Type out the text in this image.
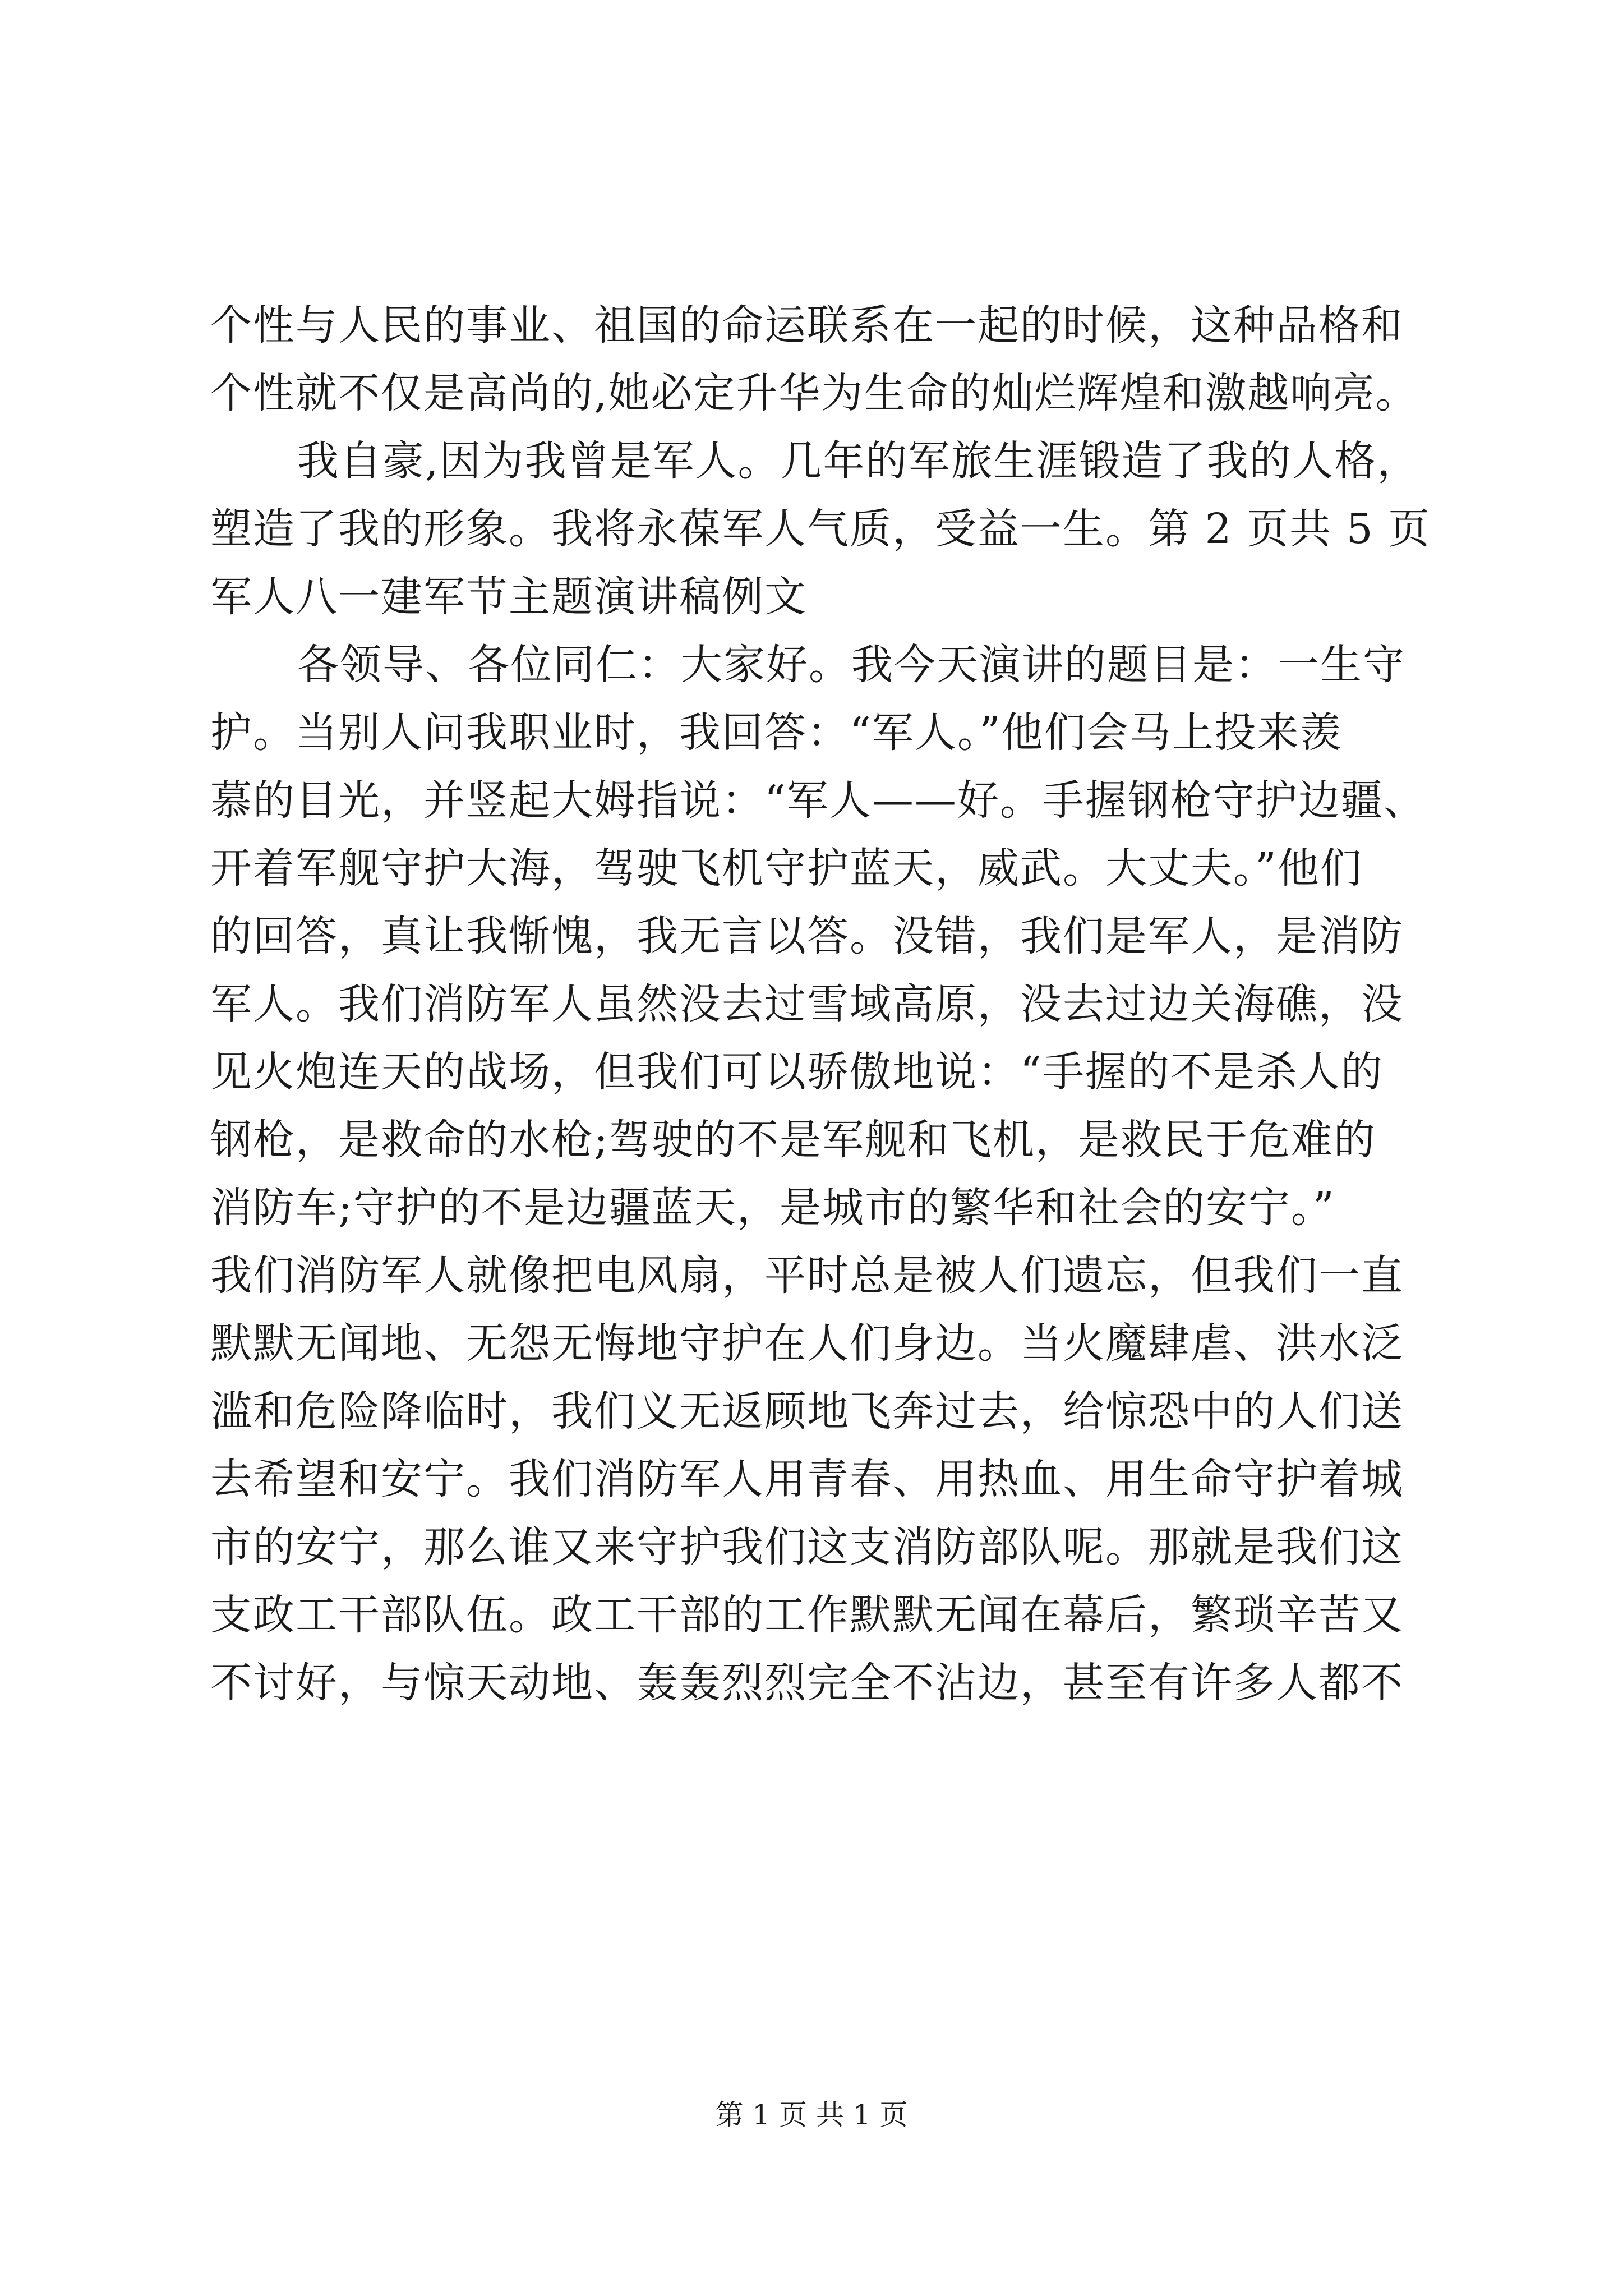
个性与人民的事业、祖国的命运联系在一起的时候，这种品格和
个性就不仅是高尚的,她必定升华为生命的灿烂辉煌和激越响亮。
我自豪,因为我曾是军人。几年的军旅生涯锻造了我的人格，
塑造了我的形象。我将永葆军人气质，受益一生。第 2 页共 5 页
军人八一建军节主题演讲稿例文
各领导、各位同仁：大家好。我今天演讲的题目是：一生守
护。当别人问我职业时，我回答：“军人。”他们会马上投来羡
慕的目光，并竖起大姆指说：“军人——好。手握钢枪守护边疆、
开着军舰守护大海，驾驶飞机守护蓝天，威武。大丈夫。”他们
的回答，真让我惭愧，我无言以答。没错，我们是军人，是消防
军人。我们消防军人虽然没去过雪域高原，没去过边关海礁，没
见火炮连天的战场，但我们可以骄傲地说：“手握的不是杀人的
钢枪，是救命的水枪;驾驶的不是军舰和飞机，是救民于危难的
消防车;守护的不是边疆蓝天，是城市的繁华和社会的安宁。”
我们消防军人就像把电风扇，平时总是被人们遗忘，但我们一直
默默无闻地、无怨无悔地守护在人们身边。当火魔肆虐、洪水泛
滥和危险降临时，我们义无返顾地飞奔过去，给惊恐中的人们送
去希望和安宁。我们消防军人用青春、用热血、用生命守护着城
市的安宁，那么谁又来守护我们这支消防部队呢。那就是我们这
支政工干部队伍。政工干部的工作默默无闻在幕后，繁琐辛苦又
不讨好，与惊天动地、轰轰烈烈完全不沾边，甚至有许多人都不
第 1 页 共 1 页
